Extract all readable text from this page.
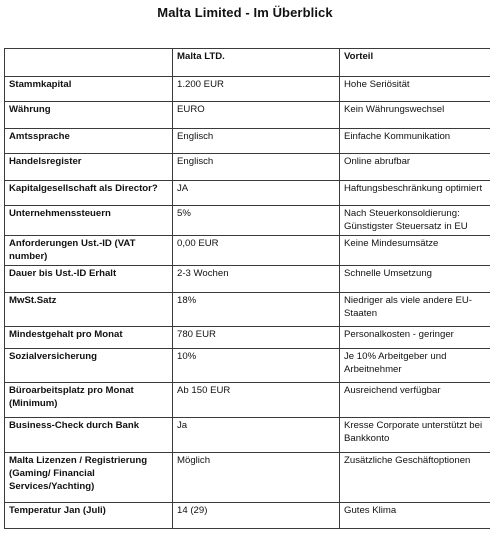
Malta Limited - Im Überblick
	Malta LTD.	Vorteil
Stammkapital	1.200 EUR	Hohe Seriösität
Währung	EURO	Kein Währungswechsel
Amtssprache	Englisch	Einfache Kommunikation
Handelsregister	Englisch	Online abrufbar
Kapitalgesellschaft als Director?	JA	Haftungsbeschränkung optimiert
Unternehmenssteuern	5%	Nach Steuerkonsoldierung: Günstigster Steuersatz in EU
Anforderungen Ust.-ID (VAT number)	0,00 EUR	Keine Mindesumsätze
Dauer bis Ust.-ID Erhalt	2-3 Wochen	Schnelle Umsetzung
MwSt.Satz	18%	Niedriger als viele andere EU-Staaten
Mindestgehalt pro Monat	780 EUR	Personalkosten - geringer
Sozialversicherung	10%	Je 10% Arbeitgeber und Arbeitnehmer
Büroarbeitsplatz pro Monat (Minimum)	Ab 150 EUR	Ausreichend verfügbar
Business-Check durch Bank	Ja	Kresse Corporate unterstützt bei Bankkonto
Malta Lizenzen / Registrierung (Gaming/ Financial Services/Yachting)	Möglich	Zusätzliche Geschäftoptionen
Temperatur Jan (Juli)	14 (29)	Gutes Klima
